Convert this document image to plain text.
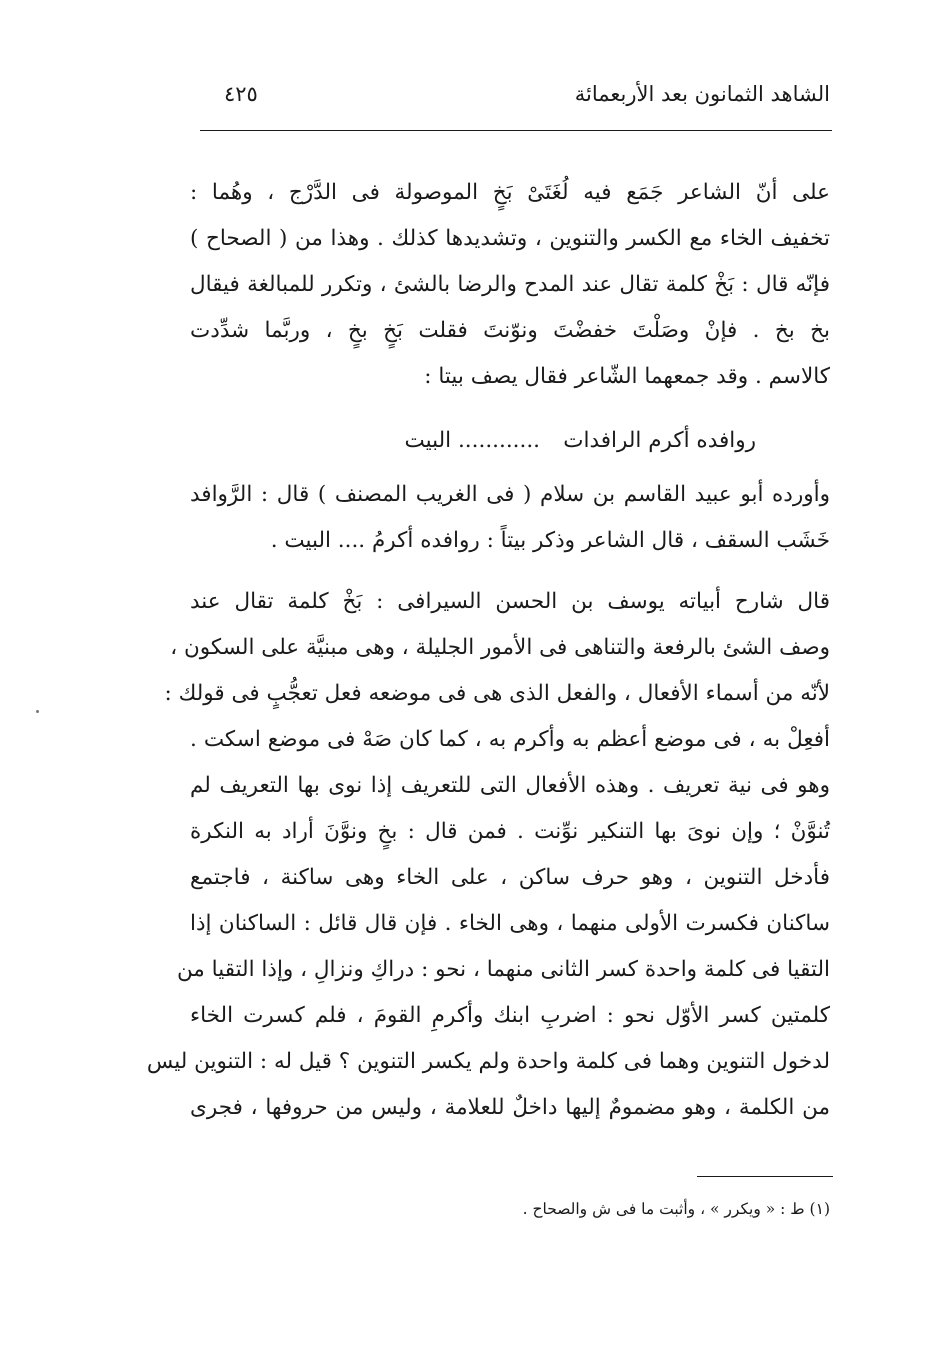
الشاهد الثمانون بعد الأربعمائة
٤٢٥
على أنّ الشاعر جَمَع فيه لُغَتَىْ بَخٍ الموصولة فى الدَّرْج ، وهُما :
تخفيف الخاء مع الكسر والتنوين ، وتشديدها كذلك . وهذا من ( الصحاح )
فإنّه قال : بَخْ كلمة تقال عند المدح والرضا بالشئ ، وتكرر للمبالغة فيقال
بخ بخ . فإنْ وصَلْتَ خفضْتَ ونوّنتَ فقلت بَخٍ بخٍ ، وربَّما شدِّدت
كالاسم . وقد جمعهما الشّاعر فقال يصف بيتا :
روافده أكرم الرافدات
............ البيت
وأورده أبو عبيد القاسم بن سلام ( فى الغريب المصنف ) قال : الرَّوافد
خَشَب السقف ، قال الشاعر وذكر بيتاً : روافده أكرمُ .... البيت .
قال شارح أبياته يوسف بن الحسن السيرافى : بَخْ كلمة تقال عند
وصف الشئ بالرفعة والتناهى فى الأمور الجليلة ، وهى مبنيَّة على السكون ،
لأنّه من أسماء الأفعال ، والفعل الذى هى فى موضعه فعل تعجُّبٍ فى قولك :
أفعِلْ به ، فى موضع أعظم به وأكرم به ، كما كان صَهْ فى موضع اسكت .
وهو فى نية تعريف . وهذه الأفعال التى للتعريف إذا نوى بها التعريف لم
تُنوَّنْ ؛ وإن نوىَ بها التنكير نوِّنت . فمن قال : بخٍ ونوَّنَ أراد به النكرة
فأدخل التنوين ، وهو حرف ساكن ، على الخاء وهى ساكنة ، فاجتمع
ساكنان فكسرت الأولى منهما ، وهى الخاء . فإن قال قائل : الساكنان إذا
التقيا فى كلمة واحدة كسر الثانى منهما ، نحو : دراكِ ونزالِ ، وإذا التقيا من
كلمتين كسر الأوّل نحو : اضربِ ابنك وأكرمِ القومَ ، فلم كسرت الخاء
لدخول التنوين وهما فى كلمة واحدة ولم يكسر التنوين ؟ قيل له : التنوين ليس
من الكلمة ، وهو مضمومٌ إليها داخلٌ للعلامة ، وليس من حروفها ، فجرى
(١) ط : « ويكرر » ، وأثبت ما فى ش والصحاح .
